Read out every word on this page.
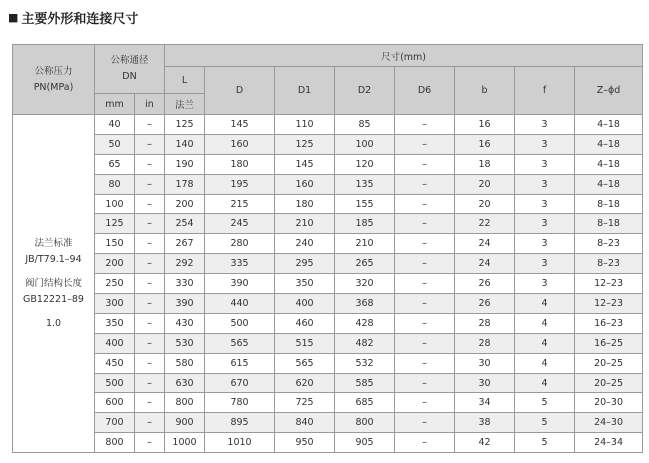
■ 主要外形和连接尺寸
公称压力
PN(MPa)	公称通径
DN		尺寸(mm)							
			L	D	D1	D2	D6	b	f	Z–ϕd
	mm	in	法兰							

法兰标准
JB/T79.1–94
阀门结构长度
GB12221–89
1.0	40	–	125	145	110	85	–	16	3	4–18
	50	–	140	160	125	100	–	16	3	4–18
	65	–	190	180	145	120	–	18	3	4–18
	80	–	178	195	160	135	–	20	3	4–18
	100	–	200	215	180	155	–	20	3	8–18
	125	–	254	245	210	185	–	22	3	8–18
	150	–	267	280	240	210	–	24	3	8–23
	200	–	292	335	295	265	–	24	3	8–23
	250	–	330	390	350	320	–	26	3	12–23
	300	–	390	440	400	368	–	26	4	12–23
	350	–	430	500	460	428	–	28	4	16–23
	400	–	530	565	515	482	–	28	4	16–25
	450	–	580	615	565	532	–	30	4	20–25
	500	–	630	670	620	585	–	30	4	20–25
	600	–	800	780	725	685	–	34	5	20–30
	700	–	900	895	840	800	–	38	5	24–30
	800	–	1000	1010	950	905	–	42	5	24–34
